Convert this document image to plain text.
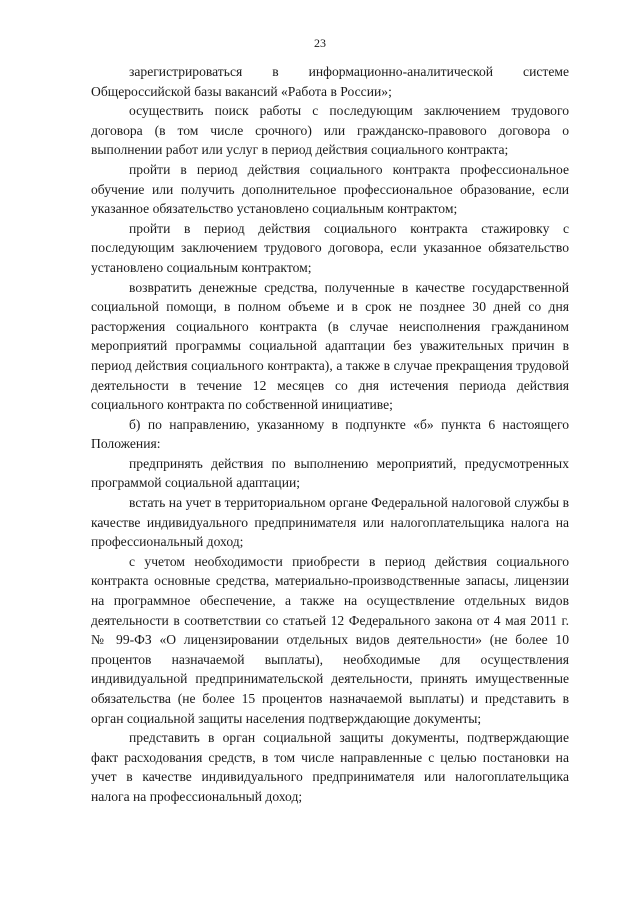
23

зарегистрироваться в информационно-аналитической системе Общероссийской базы вакансий «Работа в России»;

осуществить поиск работы с последующим заключением трудового договора (в том числе срочного) или гражданско-правового договора о выполнении работ или услуг в период действия социального контракта;

пройти в период действия социального контракта профессиональное обучение или получить дополнительное профессиональное образование, если указанное обязательство установлено социальным контрактом;

пройти в период действия социального контракта стажировку с последующим заключением трудового договора, если указанное обязательство установлено социальным контрактом;

возвратить денежные средства, полученные в качестве государственной социальной помощи, в полном объеме и в срок не позднее 30 дней со дня расторжения социального контракта (в случае неисполнения гражданином мероприятий программы социальной адаптации без уважительных причин в период действия социального контракта), а также в случае прекращения трудовой деятельности в течение 12 месяцев со дня истечения периода действия социального контракта по собственной инициативе;

б) по направлению, указанному в подпункте «б» пункта 6 настоящего Положения:

предпринять действия по выполнению мероприятий, предусмотренных программой социальной адаптации;

встать на учет в территориальном органе Федеральной налоговой службы в качестве индивидуального предпринимателя или налогоплательщика налога на профессиональный доход;

с учетом необходимости приобрести в период действия социального контракта основные средства, материально-производственные запасы, лицензии на программное обеспечение, а также на осуществление отдельных видов деятельности в соответствии со статьей 12 Федерального закона от 4 мая 2011 г. № 99-ФЗ «О лицензировании отдельных видов деятельности» (не более 10 процентов назначаемой выплаты), необходимые для осуществления индивидуальной предпринимательской деятельности, принять имущественные обязательства (не более 15 процентов назначаемой выплаты) и представить в орган социальной защиты населения подтверждающие документы;

представить в орган социальной защиты документы, подтверждающие факт расходования средств, в том числе направленные с целью постановки на учет в качестве индивидуального предпринимателя или налогоплательщика налога на профессиональный доход;
